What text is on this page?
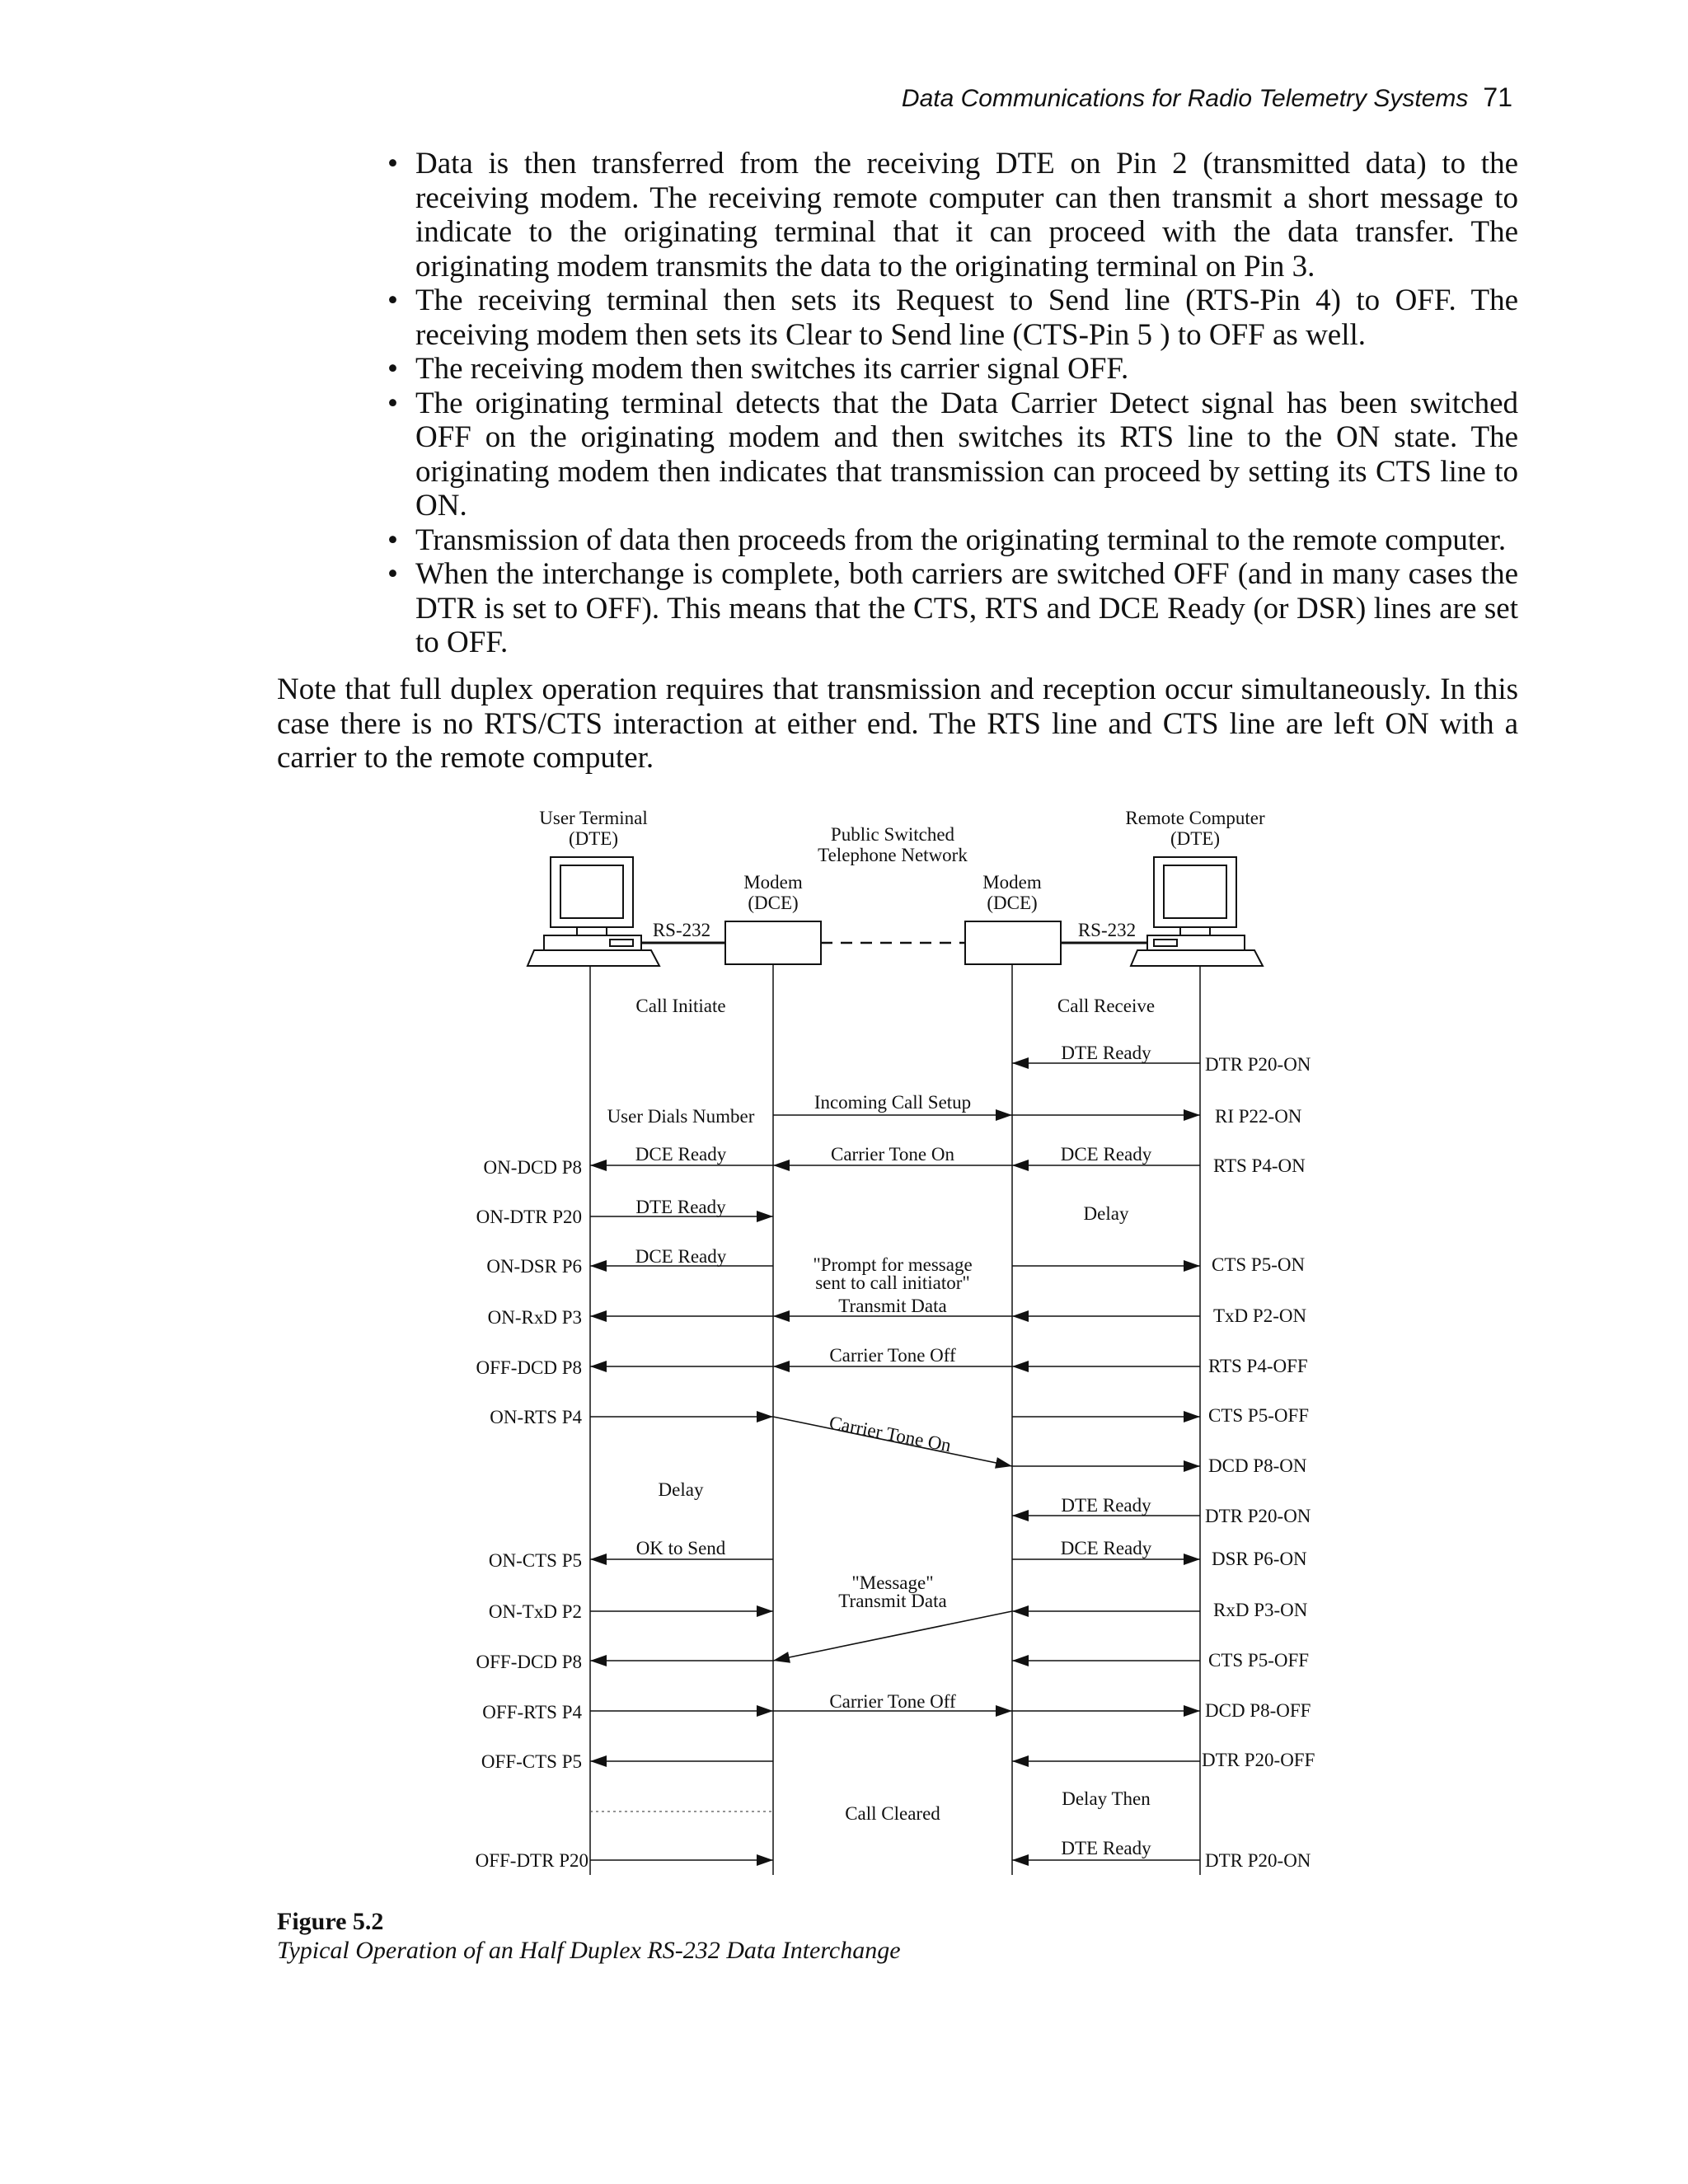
Data Communications for Radio Telemetry Systems 71
• Data is then transferred from the receiving DTE on Pin 2 (transmitted data) to the receiving modem. The receiving remote computer can then transmit a short message to indicate to the originating terminal that it can proceed with the data transfer. The originating modem transmits the data to the originating terminal on Pin 3.
• The receiving terminal then sets its Request to Send line (RTS-Pin 4) to OFF. The receiving modem then sets its Clear to Send line (CTS-Pin 5 ) to OFF as well.
• The receiving modem then switches its carrier signal OFF.
• The originating terminal detects that the Data Carrier Detect signal has been switched OFF on the originating modem and then switches its RTS line to the ON state. The originating modem then indicates that transmission can proceed by setting its CTS line to ON.
• Transmission of data then proceeds from the originating terminal to the remote computer.
• When the interchange is complete, both carriers are switched OFF (and in many cases the DTR is set to OFF). This means that the CTS, RTS and DCE Ready (or DSR) lines are set to OFF.

Note that full duplex operation requires that transmission and reception occur simultaneously. In this case there is no RTS/CTS interaction at either end. The RTS line and CTS line are left ON with a carrier to the remote computer.

User Terminal
(DTE)
Remote Computer
(DTE)
Public Switched
Telephone Network
Modem
(DCE)
Modem
(DCE)
RS-232	RS-232
Call Initiate	Call Receive
ON-DCD P8
ON-DTR P20
ON-DSR P6
ON-RxD P3
OFF-DCD P8
ON-RTS P4
ON-CTS P5
ON-TxD P2
OFF-DCD P8
OFF-RTS P4
OFF-CTS P5
OFF-DTR P20
DTR P20-ON
RI P22-ON
RTS P4-ON
CTS P5-ON
TxD P2-ON
RTS P4-OFF
CTS P5-OFF
DCD P8-ON
DTR P20-ON
DSR P6-ON
RxD P3-ON
CTS P5-OFF
DCD P8-OFF
DTR P20-OFF
DTR P20-ON
User Dials Number
DCE Ready
DTE Ready
DCE Ready
Delay
OK to Send
Incoming Call Setup
Carrier Tone On
"Prompt for message
sent to call initiator"
Transmit Data
Carrier Tone Off
Carrier Tone On
"Message"
Transmit Data
Carrier Tone Off
Call Cleared
DTE Ready
DCE Ready
Delay
DTE Ready
DCE Ready
Delay Then
DTE Ready
Figure 5.2
Typical Operation of an Half Duplex RS-232 Data Interchange
